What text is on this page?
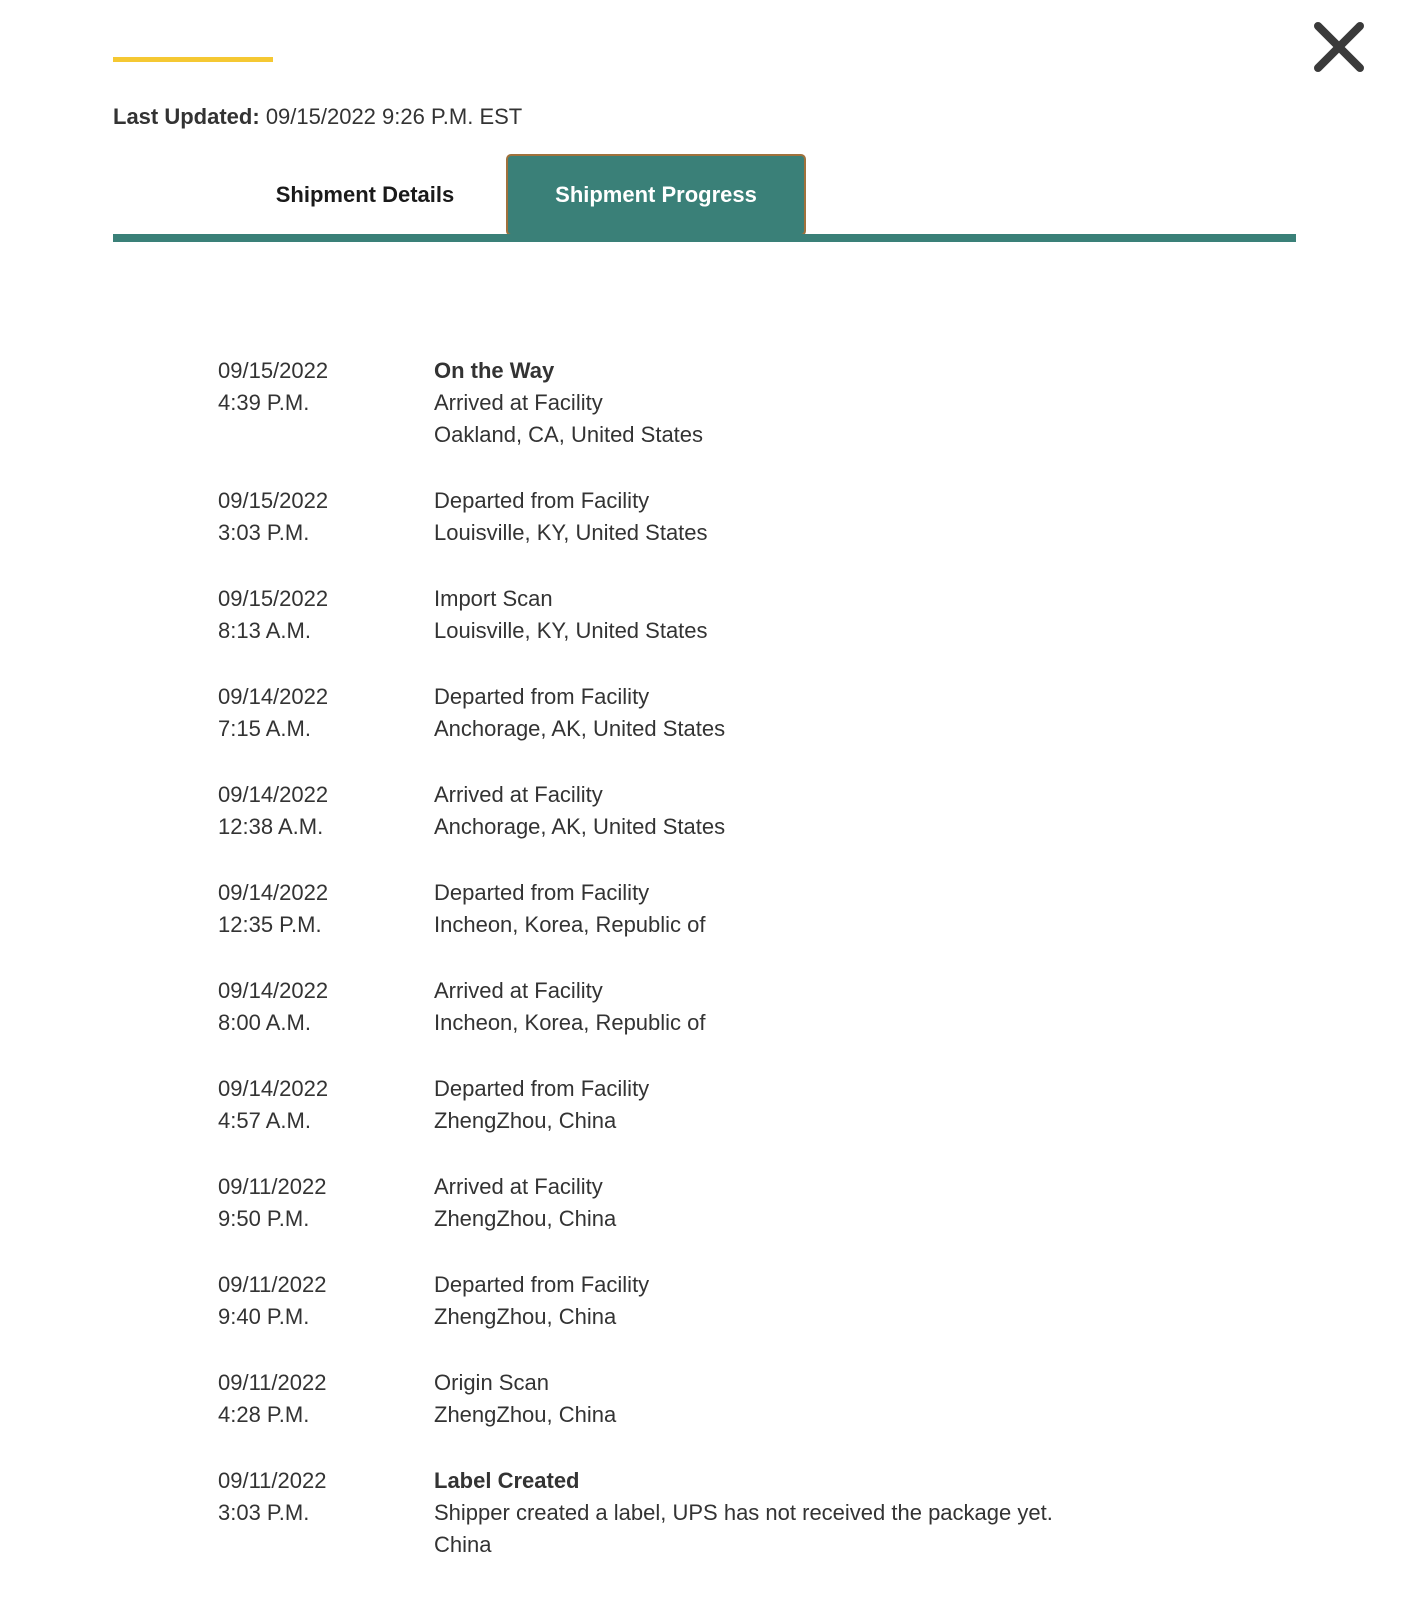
Last Updated: 09/15/2022 9:26 P.M. EST
Shipment Details	Shipment Progress
09/15/2022
4:39 P.M.
On the Way
Arrived at Facility
Oakland, CA, United States
09/15/2022
3:03 P.M.
Departed from Facility
Louisville, KY, United States
09/15/2022
8:13 A.M.
Import Scan
Louisville, KY, United States
09/14/2022
7:15 A.M.
Departed from Facility
Anchorage, AK, United States
09/14/2022
12:38 A.M.
Arrived at Facility
Anchorage, AK, United States
09/14/2022
12:35 P.M.
Departed from Facility
Incheon, Korea, Republic of
09/14/2022
8:00 A.M.
Arrived at Facility
Incheon, Korea, Republic of
09/14/2022
4:57 A.M.
Departed from Facility
ZhengZhou, China
09/11/2022
9:50 P.M.
Arrived at Facility
ZhengZhou, China
09/11/2022
9:40 P.M.
Departed from Facility
ZhengZhou, China
09/11/2022
4:28 P.M.
Origin Scan
ZhengZhou, China
09/11/2022
3:03 P.M.
Label Created
Shipper created a label, UPS has not received the package yet.
China
